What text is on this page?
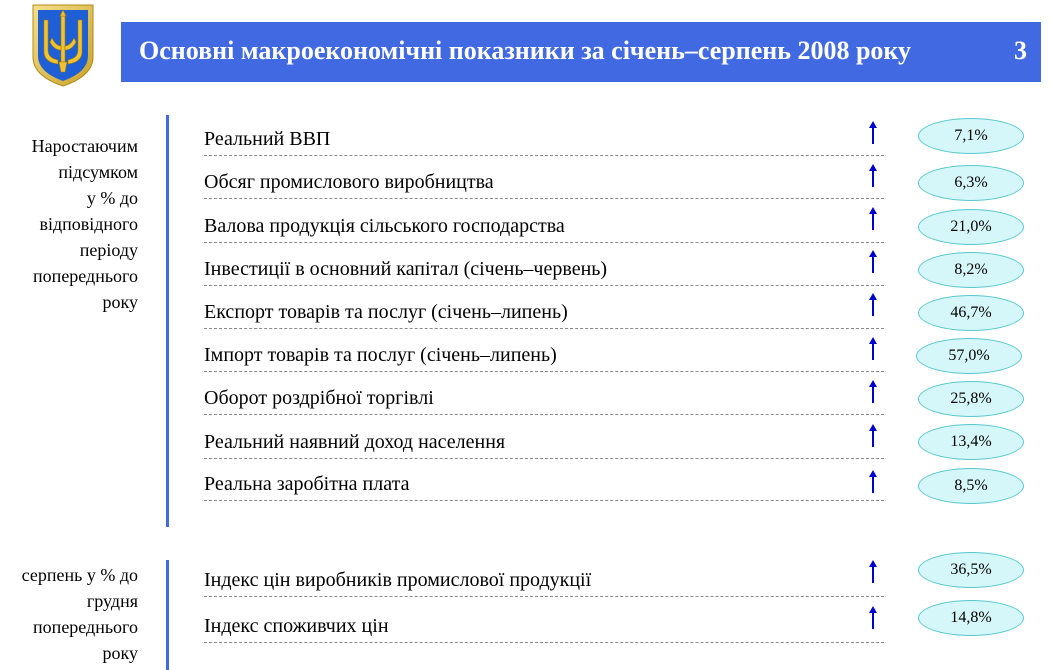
Основні макроекономічні показники за січень–серпень 2008 року	3
Наростаючим
підсумком
у % до
відповідного
періоду
попереднього
року
Реальний ВВП
Обсяг промислового виробництва
Валова продукція сільського господарства
Інвестиції в основний капітал (січень–червень)
Експорт товарів та послуг (січень–липень)
Імпорт товарів та послуг (січень–липень)
Оборот роздрібної торгівлі
Реальний наявний доход населення
Реальна заробітна плата
7,1%
6,3%
21,0%
8,2%
46,7%
57,0%
25,8%
13,4%
8,5%
серпень у % до
грудня
попереднього
року
Індекс цін виробників промислової продукції
Індекс споживчих цін
36,5%
14,8%
